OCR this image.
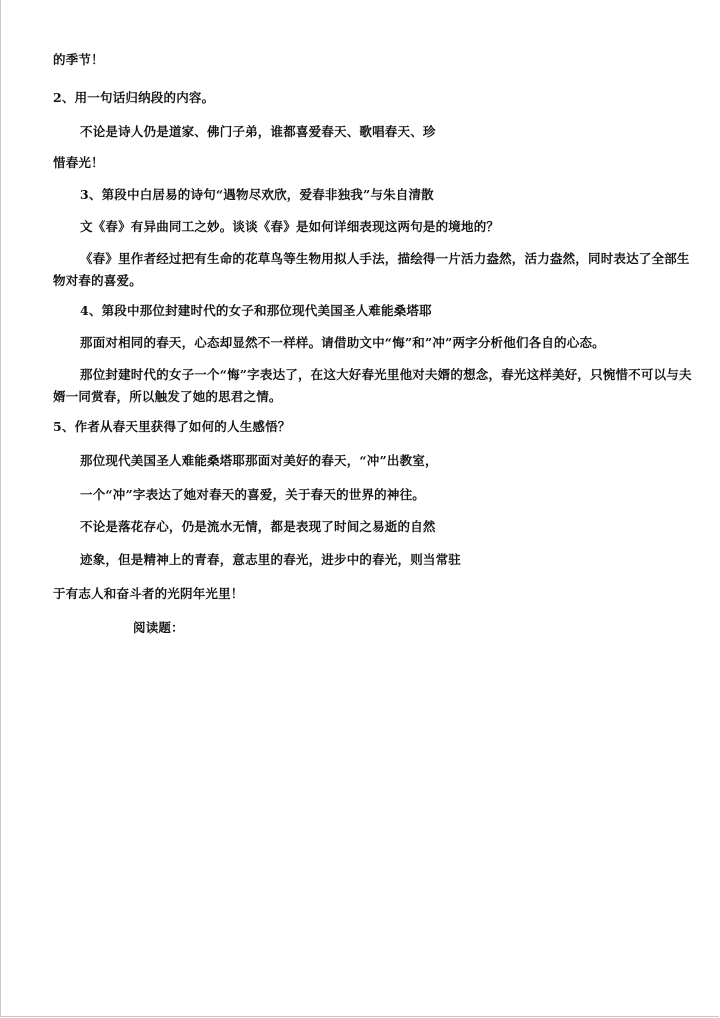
的季节！
2、用一句话归纳段的内容。
不论是诗人仍是道家、佛门子弟，谁都喜爱春天、歌唱春天、珍
惜春光！
3、第段中白居易的诗句“遇物尽欢欣，爱春非独我”与朱自清散
文《春》有异曲同工之妙。谈谈《春》是如何详细表现这两句是的境地的？
《春》里作者经过把有生命的花草鸟等生物用拟人手法，描绘得一片活力盎然，活力盎然，同时表达了全部生物对春的喜爱。
4、第段中那位封建时代的女子和那位现代美国圣人难能桑塔耶
那面对相同的春天，心态却显然不一样样。请借助文中“悔”和”冲”两字分析他们各自的心态。
那位封建时代的女子一个“悔”字表达了，在这大好春光里他对夫婿的想念，春光这样美好，只惋惜不可以与夫婿一同赏春，所以触发了她的思君之情。
5、作者从春天里获得了如何的人生感悟？
那位现代美国圣人难能桑塔耶那面对美好的春天，“冲”出教室，
一个“冲”字表达了她对春天的喜爱，关于春天的世界的神往。
不论是落花存心，仍是流水无情，都是表现了时间之易逝的自然
迹象，但是精神上的青春，意志里的春光，进步中的春光，则当常驻
于有志人和奋斗者的光阴年光里！
阅读题：
